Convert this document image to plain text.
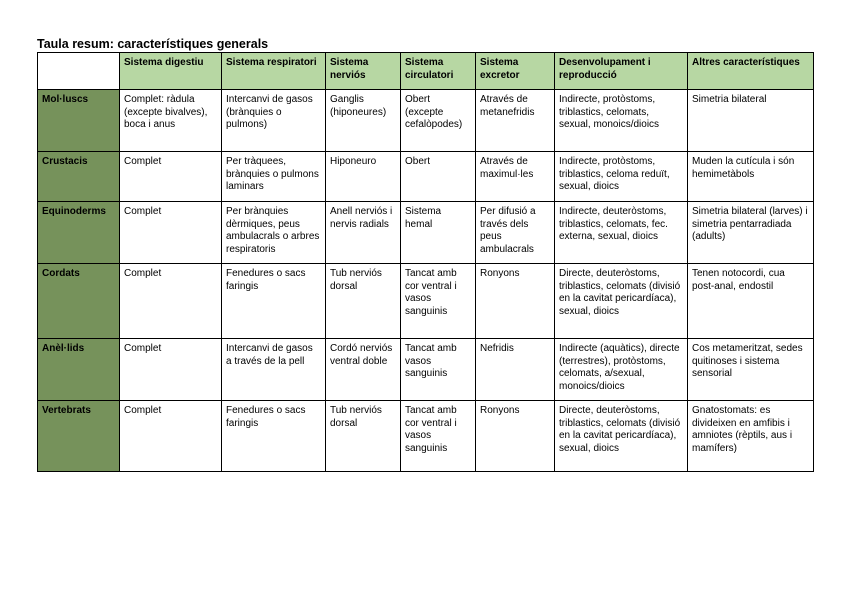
Taula resum: característiques generals
	Sistema digestiu	Sistema respiratori	Sistema nerviós	Sistema circulatori	Sistema excretor	Desenvolupament i reproducció	Altres característiques
Mol·luscs	Complet: ràdula (excepte bivalves), boca i anus	Intercanvi de gasos (brànquies o pulmons)	Ganglis (hiponeures)	Obert (excepte cefalòpodes)	Através de metanefridis	Indirecte, protòstoms, triblastics, celomats, sexual, monoics/dioics	Simetria bilateral
Crustacis	Complet	Per tràquees, brànquies o pulmons laminars	Hiponeuro	Obert	Através de maximul·les	Indirecte, protòstoms, triblastics, celoma reduït, sexual, dioics	Muden la cutícula i són hemimetàbols
Equinoderms	Complet	Per brànquies dèrmiques, peus ambulacrals o arbres respiratoris	Anell nerviós i nervis radials	Sistema hemal	Per difusió a través dels peus ambulacrals	Indirecte, deuteròstoms, triblastics, celomats, fec. externa, sexual, dioics	Simetria bilateral (larves) i simetria pentarradiada (adults)
Cordats	Complet	Fenedures o sacs faringis	Tub nerviós dorsal	Tancat amb cor ventral i vasos sanguinis	Ronyons	Directe, deuteròstoms, triblastics, celomats (divisió en la cavitat pericardíaca), sexual, dioics	Tenen notocordi, cua post-anal, endostil
Anèl·lids	Complet	Intercanvi de gasos a través de la pell	Cordó nerviós ventral doble	Tancat amb vasos sanguinis	Nefridis	Indirecte (aquàtics), directe (terrestres), protòstoms, celomats, a/sexual, monoics/dioics	Cos metameritzat, sedes quitinoses i sistema sensorial
Vertebrats	Complet	Fenedures o sacs faringis	Tub nerviós dorsal	Tancat amb cor ventral i vasos sanguinis	Ronyons	Directe, deuteròstoms, triblastics, celomats (divisió en la cavitat pericardíaca), sexual, dioics	Gnatostomats: es divideixen en amfibis i amniotes (rèptils, aus i mamífers)
